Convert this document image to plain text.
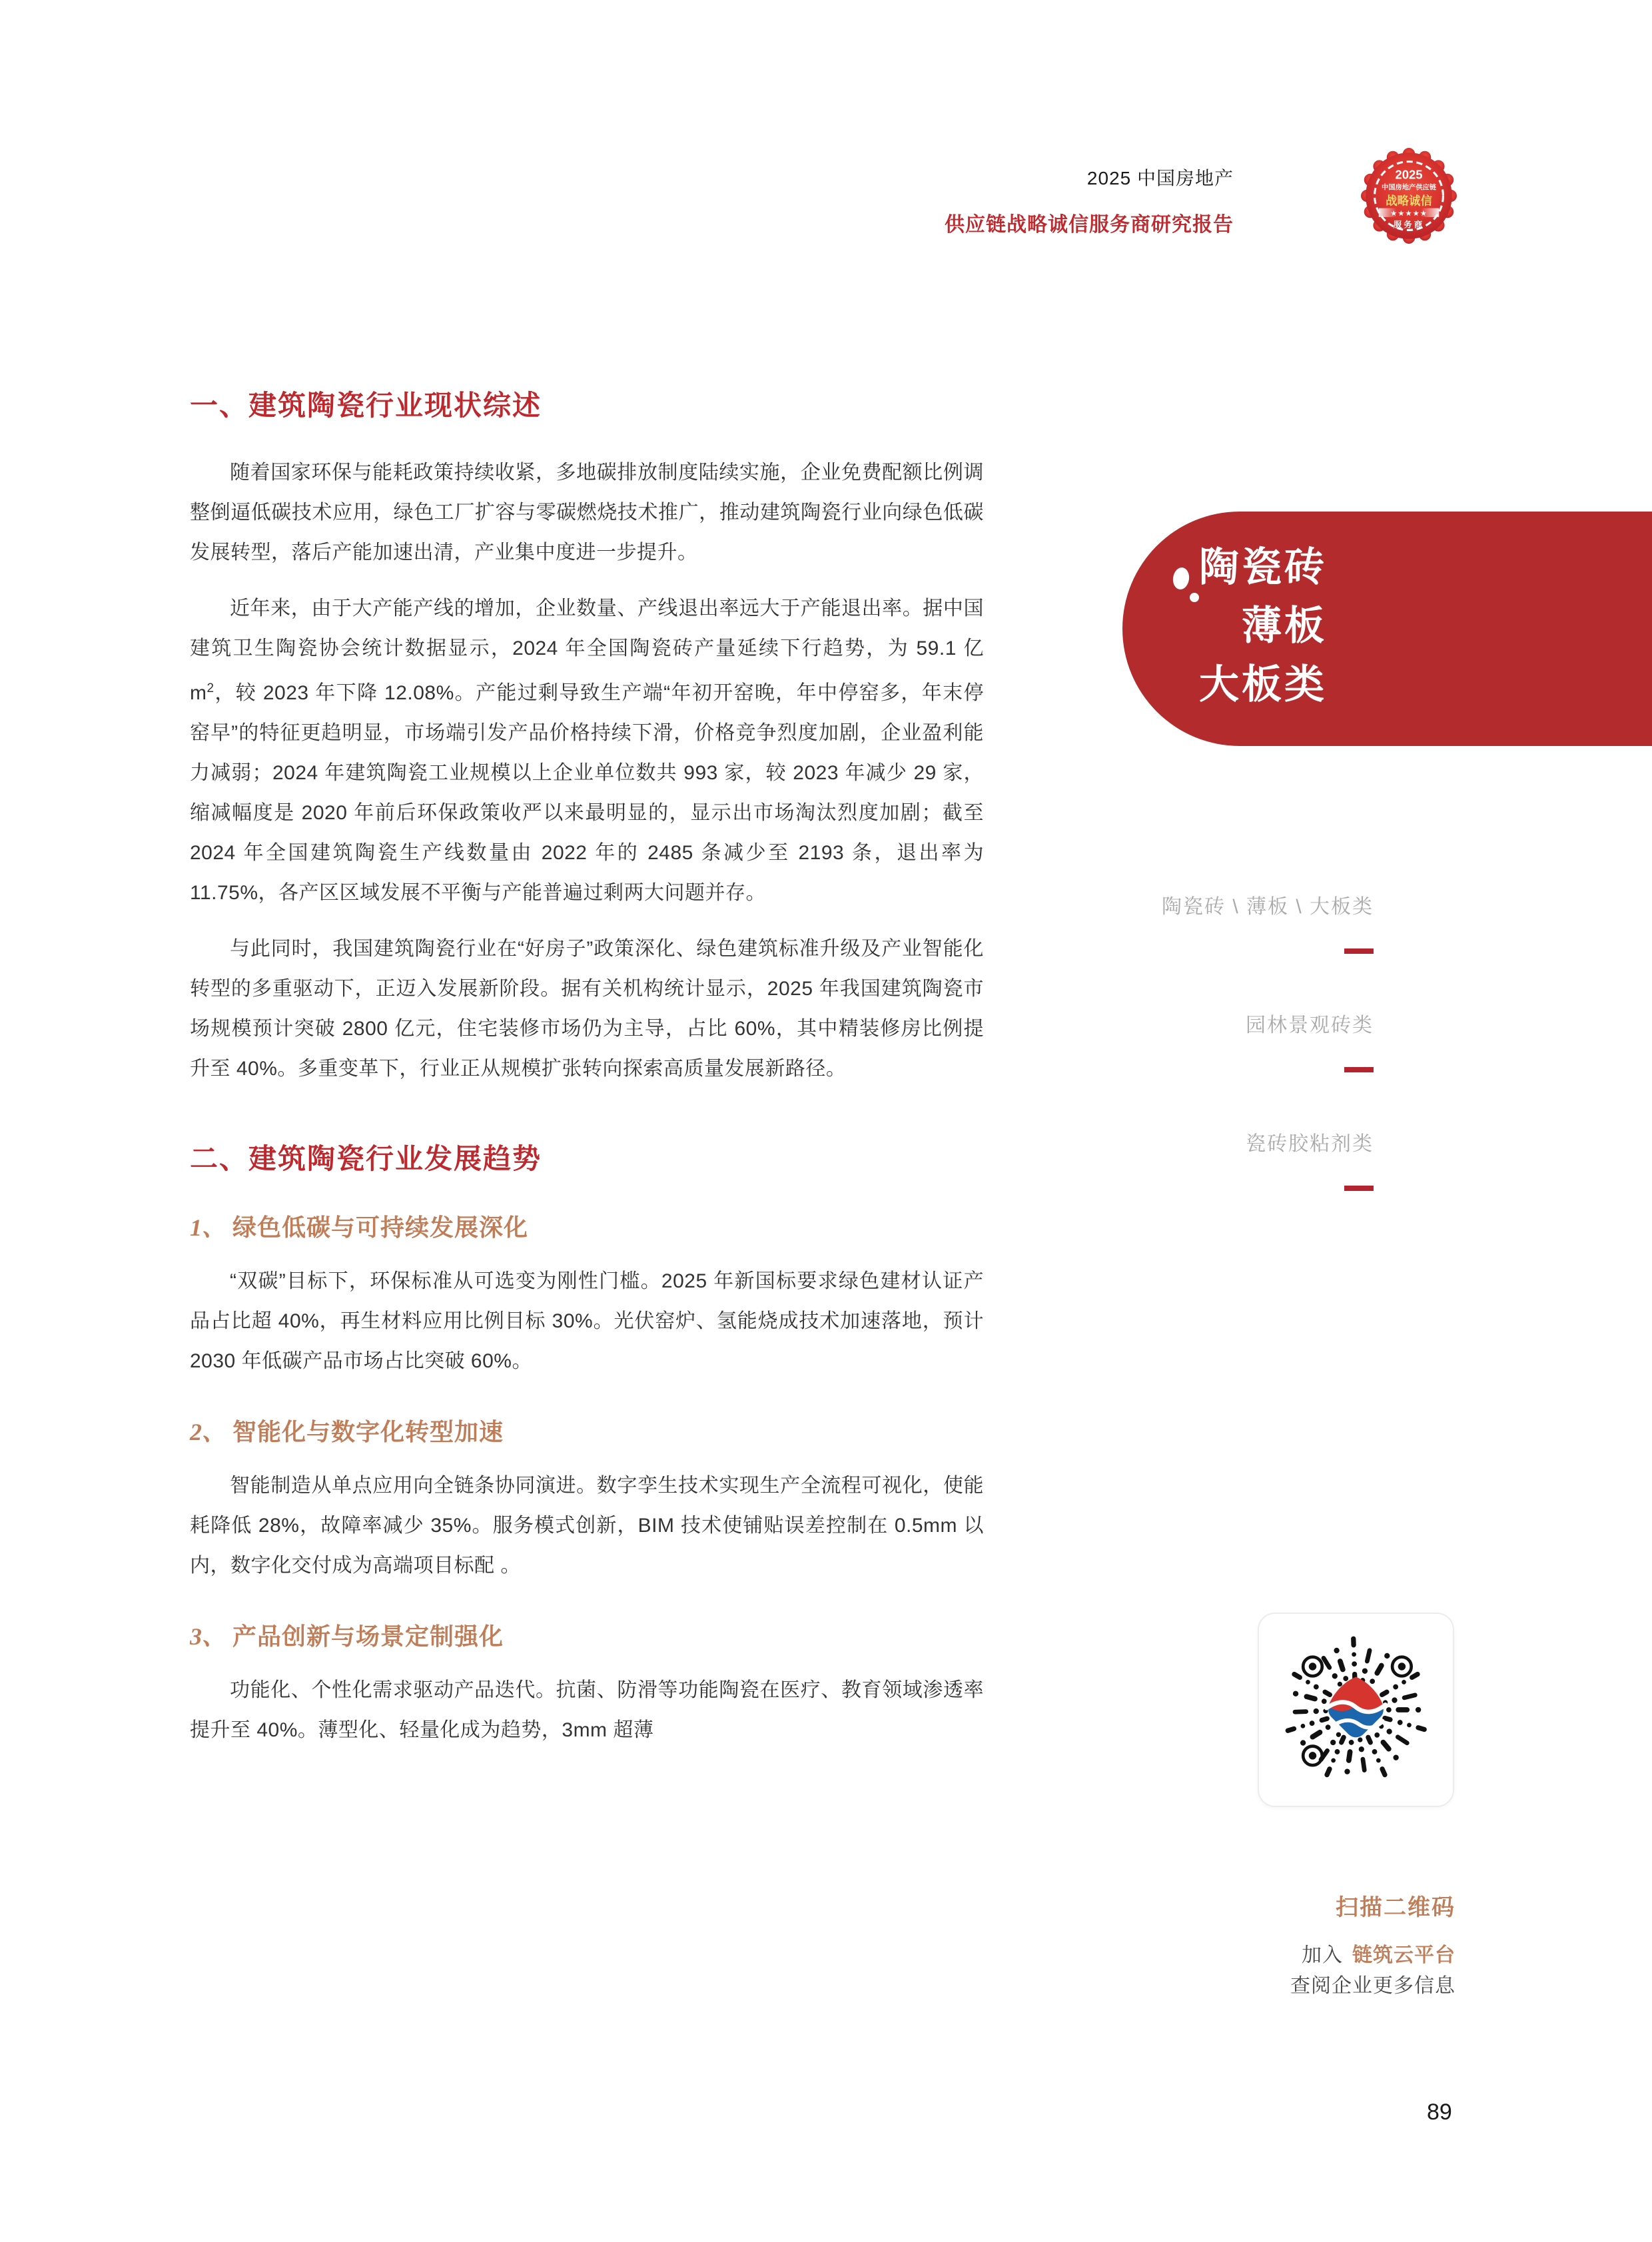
2025 中国房地产
供应链战略诚信服务商研究报告
2025
中国房地产供应链
战略诚信
★★★★★
服务商
一、建筑陶瓷行业现状综述

随着国家环保与能耗政策持续收紧，多地碳排放制度陆续实施，企业免费配额比例调整倒逼低碳技术应用，绿色工厂扩容与零碳燃烧技术推广，推动建筑陶瓷行业向绿色低碳发展转型，落后产能加速出清，产业集中度进一步提升。

近年来，由于大产能产线的增加，企业数量、产线退出率远大于产能退出率。据中国建筑卫生陶瓷协会统计数据显示，2024 年全国陶瓷砖产量延续下行趋势，为 59.1 亿 $m^2$，较 2023 年下降 12.08%。产能过剩导致生产端“年初开窑晚，年中停窑多，年末停窑早”的特征更趋明显，市场端引发产品价格持续下滑，价格竞争烈度加剧，企业盈利能力减弱；2024 年建筑陶瓷工业规模以上企业单位数共 993 家，较 2023 年减少 29 家，缩减幅度是 2020 年前后环保政策收严以来最明显的，显示出市场淘汰烈度加剧；截至 2024 年全国建筑陶瓷生产线数量由 2022 年的 2485 条减少至 2193 条，退出率为 11.75%，各产区区域发展不平衡与产能普遍过剩两大问题并存。

与此同时，我国建筑陶瓷行业在“好房子”政策深化、绿色建筑标准升级及产业智能化转型的多重驱动下，正迈入发展新阶段。据有关机构统计显示，2025 年我国建筑陶瓷市场规模预计突破 2800 亿元，住宅装修市场仍为主导，占比 60%，其中精装修房比例提升至 40%。多重变革下，行业正从规模扩张转向探索高质量发展新路径。

二、建筑陶瓷行业发展趋势
1、 绿色低碳与可持续发展深化

“双碳”目标下，环保标准从可选变为刚性门槛。2025 年新国标要求绿色建材认证产品占比超 40%，再生材料应用比例目标 30%。光伏窑炉、氢能烧成技术加速落地，预计 2030 年低碳产品市场占比突破 60%。

2、 智能化与数字化转型加速

智能制造从单点应用向全链条协同演进。数字孪生技术实现生产全流程可视化，使能耗降低 28%，故障率减少 35%。服务模式创新，BIM 技术使铺贴误差控制在 0.5mm 以内，数字化交付成为高端项目标配 。

3、 产品创新与场景定制强化

功能化、个性化需求驱动产品迭代。抗菌、防滑等功能陶瓷在医疗、教育领域渗透率提升至 40%。薄型化、轻量化成为趋势，3mm 超薄

陶瓷砖
薄板
大板类
陶瓷砖 \ 薄板 \ 大板类
园林景观砖类
瓷砖胶粘剂类
扫描二维码
加入 链筑云平台
查阅企业更多信息
89
